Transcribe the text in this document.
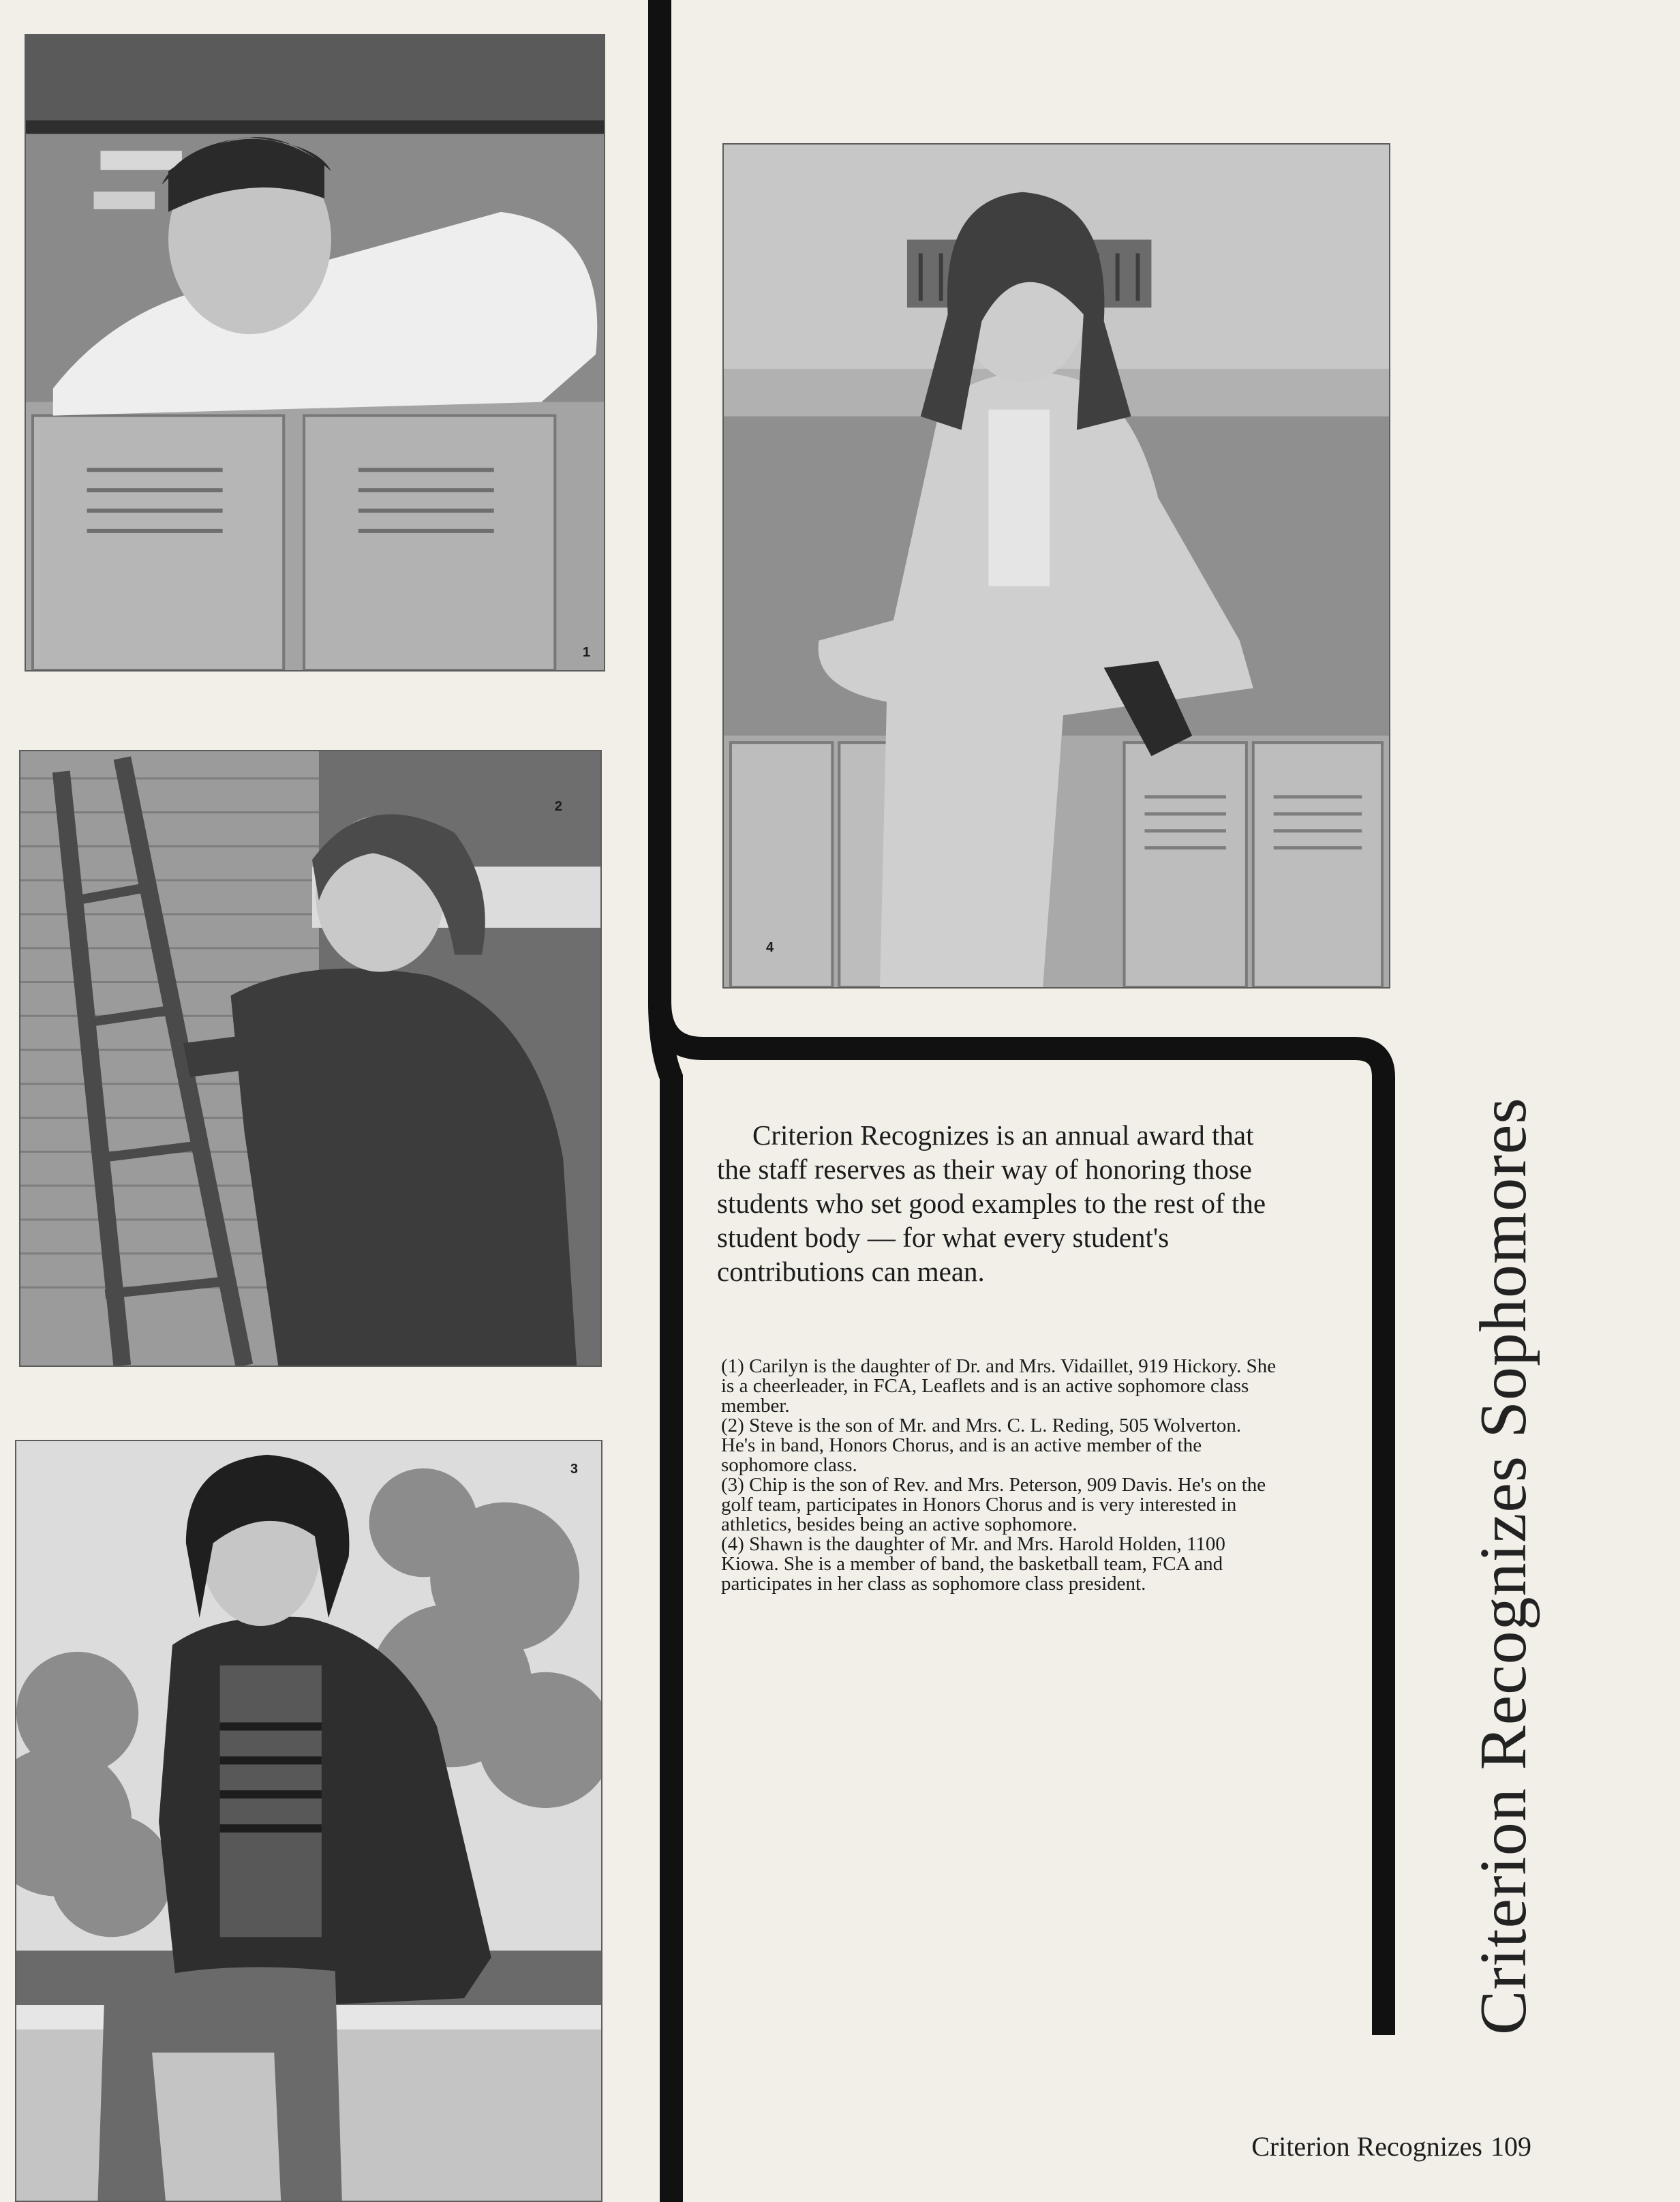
1
2
3
4

Criterion Recognizes is an annual award that the staff reserves as their way of honoring those students who set good examples to the rest of the student body — for what every student's contributions can mean.

(1) Carilyn is the daughter of Dr. and Mrs. Vidaillet, 919 Hickory. She is a cheerleader, in FCA, Leaflets and is an active sophomore class member.

(2) Steve is the son of Mr. and Mrs. C. L. Reding, 505 Wolverton. He's in band, Honors Chorus, and is an active member of the sophomore class.

(3) Chip is the son of Rev. and Mrs. Peterson, 909 Davis. He's on the golf team, participates in Honors Chorus and is very interested in athletics, besides being an active sophomore.

(4) Shawn is the daughter of Mr. and Mrs. Harold Holden, 1100 Kiowa. She is a member of band, the basketball team, FCA and participates in her class as sophomore class president.	Criterion Recognizes Sophomores
Criterion Recognizes 109
